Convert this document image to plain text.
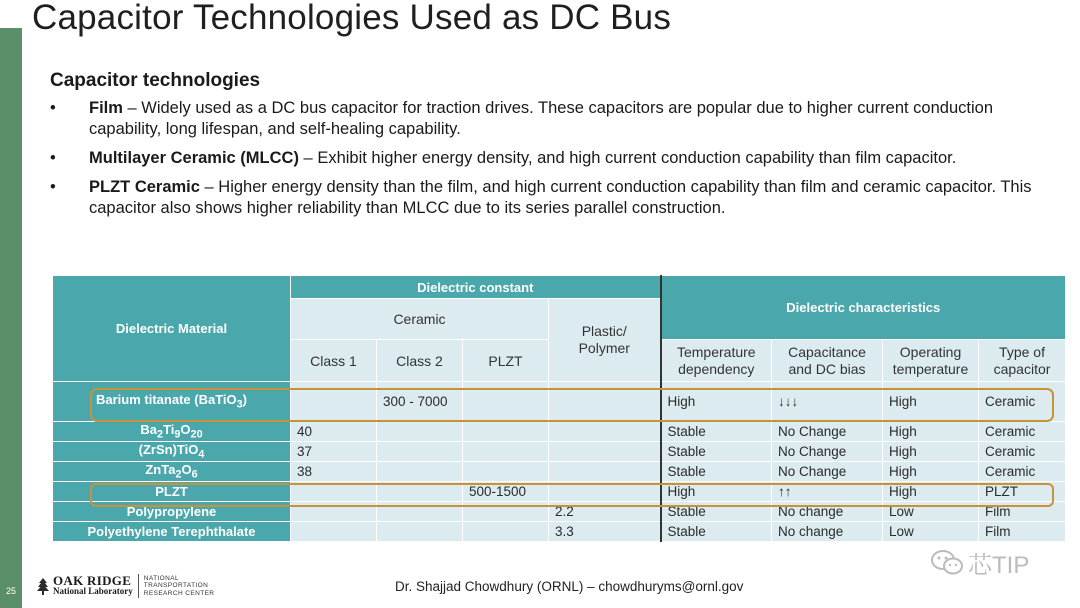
25
Capacitor Technologies Used as DC Bus
Capacitor technologies
• Film – Widely used as a DC bus capacitor for traction drives. These capacitors are popular due to higher current conduction capability, long lifespan, and self-healing capability.
• Multilayer Ceramic (MLCC) – Exhibit higher energy density, and high current conduction capability than film capacitor.
• PLZT Ceramic – Higher energy density than the film, and high current conduction capability than film and ceramic capacitor. This capacitor also shows higher reliability than MLCC due to its series parallel construction.
Dielectric Material	Dielectric constant				Dielectric characteristics			
	Ceramic			Plastic/ Polymer				
	Class 1	Class 2	PLZT		Temperature dependency	Capacitance and DC bias	Operating temperature	Type of capacitor
Barium titanate (BaTiO$_3$)		300 - 7000			High	↓↓↓	High	Ceramic
$Ba_2Ti_9O_{20}$	40				Stable	No Change	High	Ceramic
(ZrSn)TiO$_4$	37				Stable	No Change	High	Ceramic
$ZnTa_2O_6$	38				Stable	No Change	High	Ceramic
PLZT			500-1500		High	↑↑	High	PLZT
Polypropylene				2.2	Stable	No change	Low	Film
Polyethylene Terephthalate				3.3	Stable	No change	Low	Film
OAK RIDGE
National Laboratory
NATIONAL
TRANSPORTATION
RESEARCH CENTER	Dr. Shajjad Chowdhury (ORNL) – chowdhuryms@ornl.gov
芯TIP
